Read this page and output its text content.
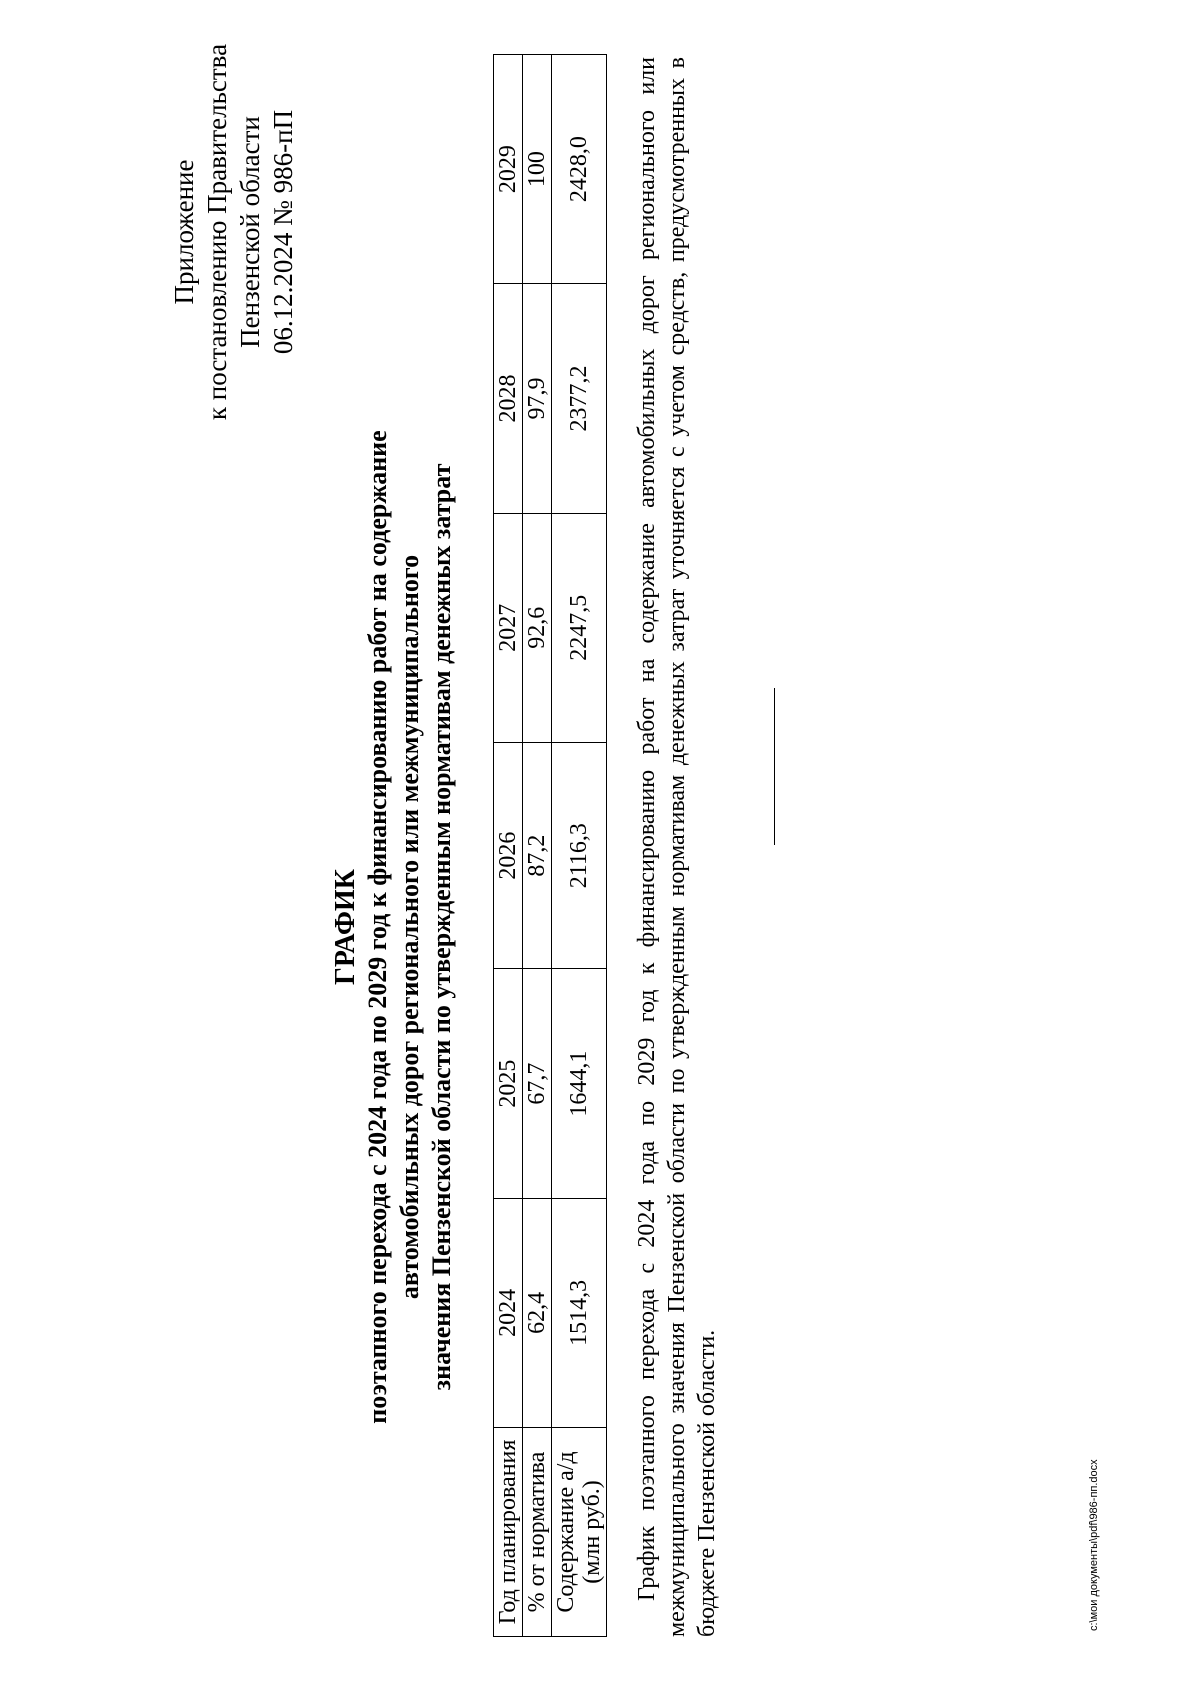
Приложение к постановлению Правительства Пензенской области 06.12.2024 № 986-пП
ГРАФИК поэтапного перехода с 2024 года по 2029 год к финансированию работ на содержание автомобильных дорог регионального или межмуниципального значения Пензенской области по утвержденным нормативам денежных затрат
Год планирования	2024	2025	2026	2027	2028	2029
% от норматива	62,4	67,7	87,2	92,6	97,9	100

Содержание а/д (млн руб.)	1514,3	1644,1	2116,3	2247,5	2377,2	2428,0 График поэтапного перехода с 2024 года по 2029 год к финансированию работ на содержание автомобильных дорог регионального или межмуниципального значения Пензенской области по утвержденным нормативам денежных затрат уточняется с учетом средств, предусмотренных в бюджете Пензенской области.	c:\мои документы\pdf\986-пп.docx
